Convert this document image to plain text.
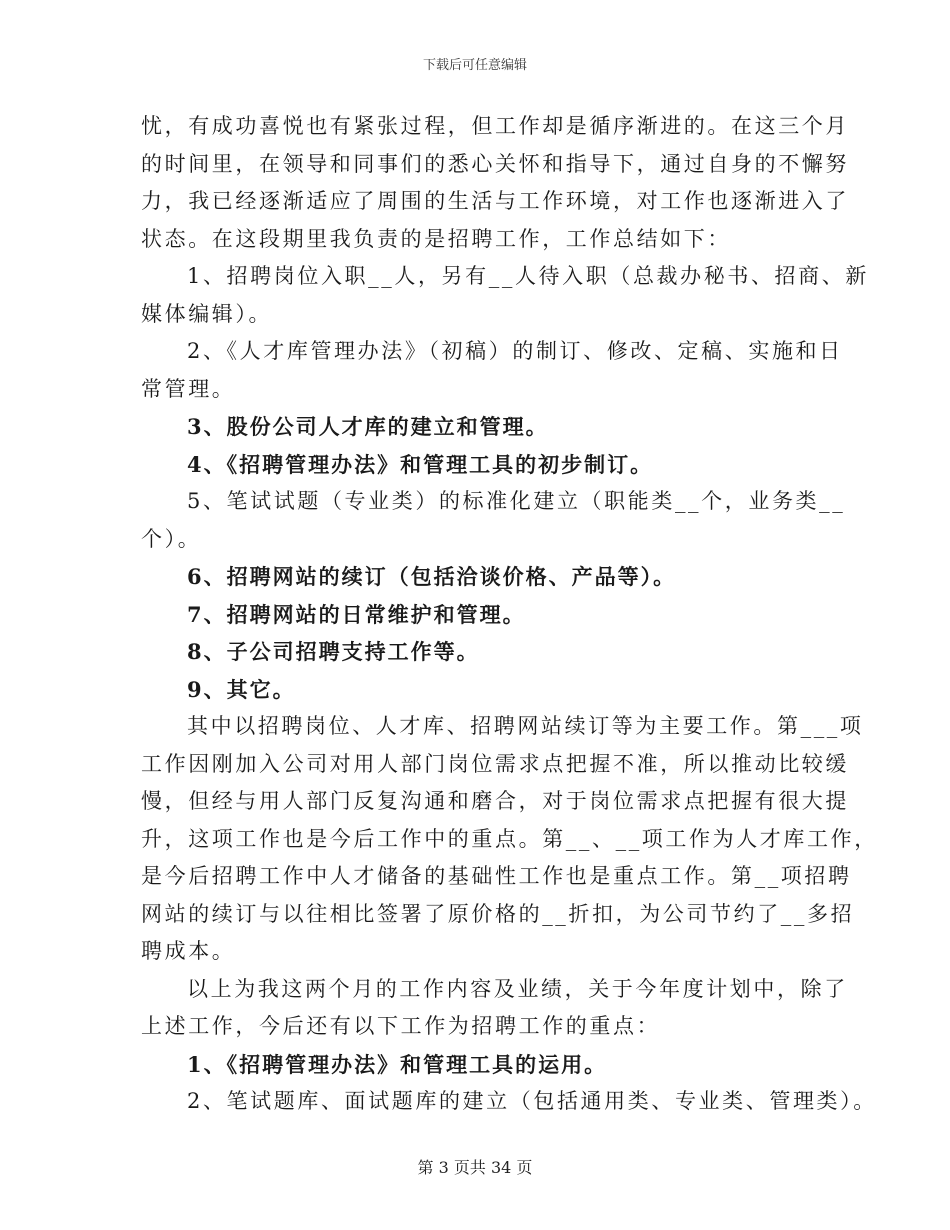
下载后可任意编辑
忧，有成功喜悦也有紧张过程，但工作却是循序渐进的。在这三个月
的时间里，在领导和同事们的悉心关怀和指导下，通过自身的不懈努
力，我已经逐渐适应了周围的生活与工作环境，对工作也逐渐进入了
状态。在这段期里我负责的是招聘工作，工作总结如下：
1、招聘岗位入职__人，另有__人待入职（总裁办秘书、招商、新
媒体编辑）。
2、《人才库管理办法》（初稿）的制订、修改、定稿、实施和日
常管理。
3、股份公司人才库的建立和管理。
4、《招聘管理办法》和管理工具的初步制订。
5、笔试试题（专业类）的标准化建立（职能类__个，业务类__
个）。
6、招聘网站的续订（包括洽谈价格、产品等）。
7、招聘网站的日常维护和管理。
8、子公司招聘支持工作等。
9、其它。
其中以招聘岗位、人才库、招聘网站续订等为主要工作。第___项
工作因刚加入公司对用人部门岗位需求点把握不准，所以推动比较缓
慢，但经与用人部门反复沟通和磨合，对于岗位需求点把握有很大提
升，这项工作也是今后工作中的重点。第__、__项工作为人才库工作，
是今后招聘工作中人才储备的基础性工作也是重点工作。第__项招聘
网站的续订与以往相比签署了原价格的__折扣，为公司节约了__多招
聘成本。
以上为我这两个月的工作内容及业绩，关于今年度计划中，除了
上述工作，今后还有以下工作为招聘工作的重点：
1、《招聘管理办法》和管理工具的运用。
2、笔试题库、面试题库的建立（包括通用类、专业类、管理类）。
第 3 页共 34 页
